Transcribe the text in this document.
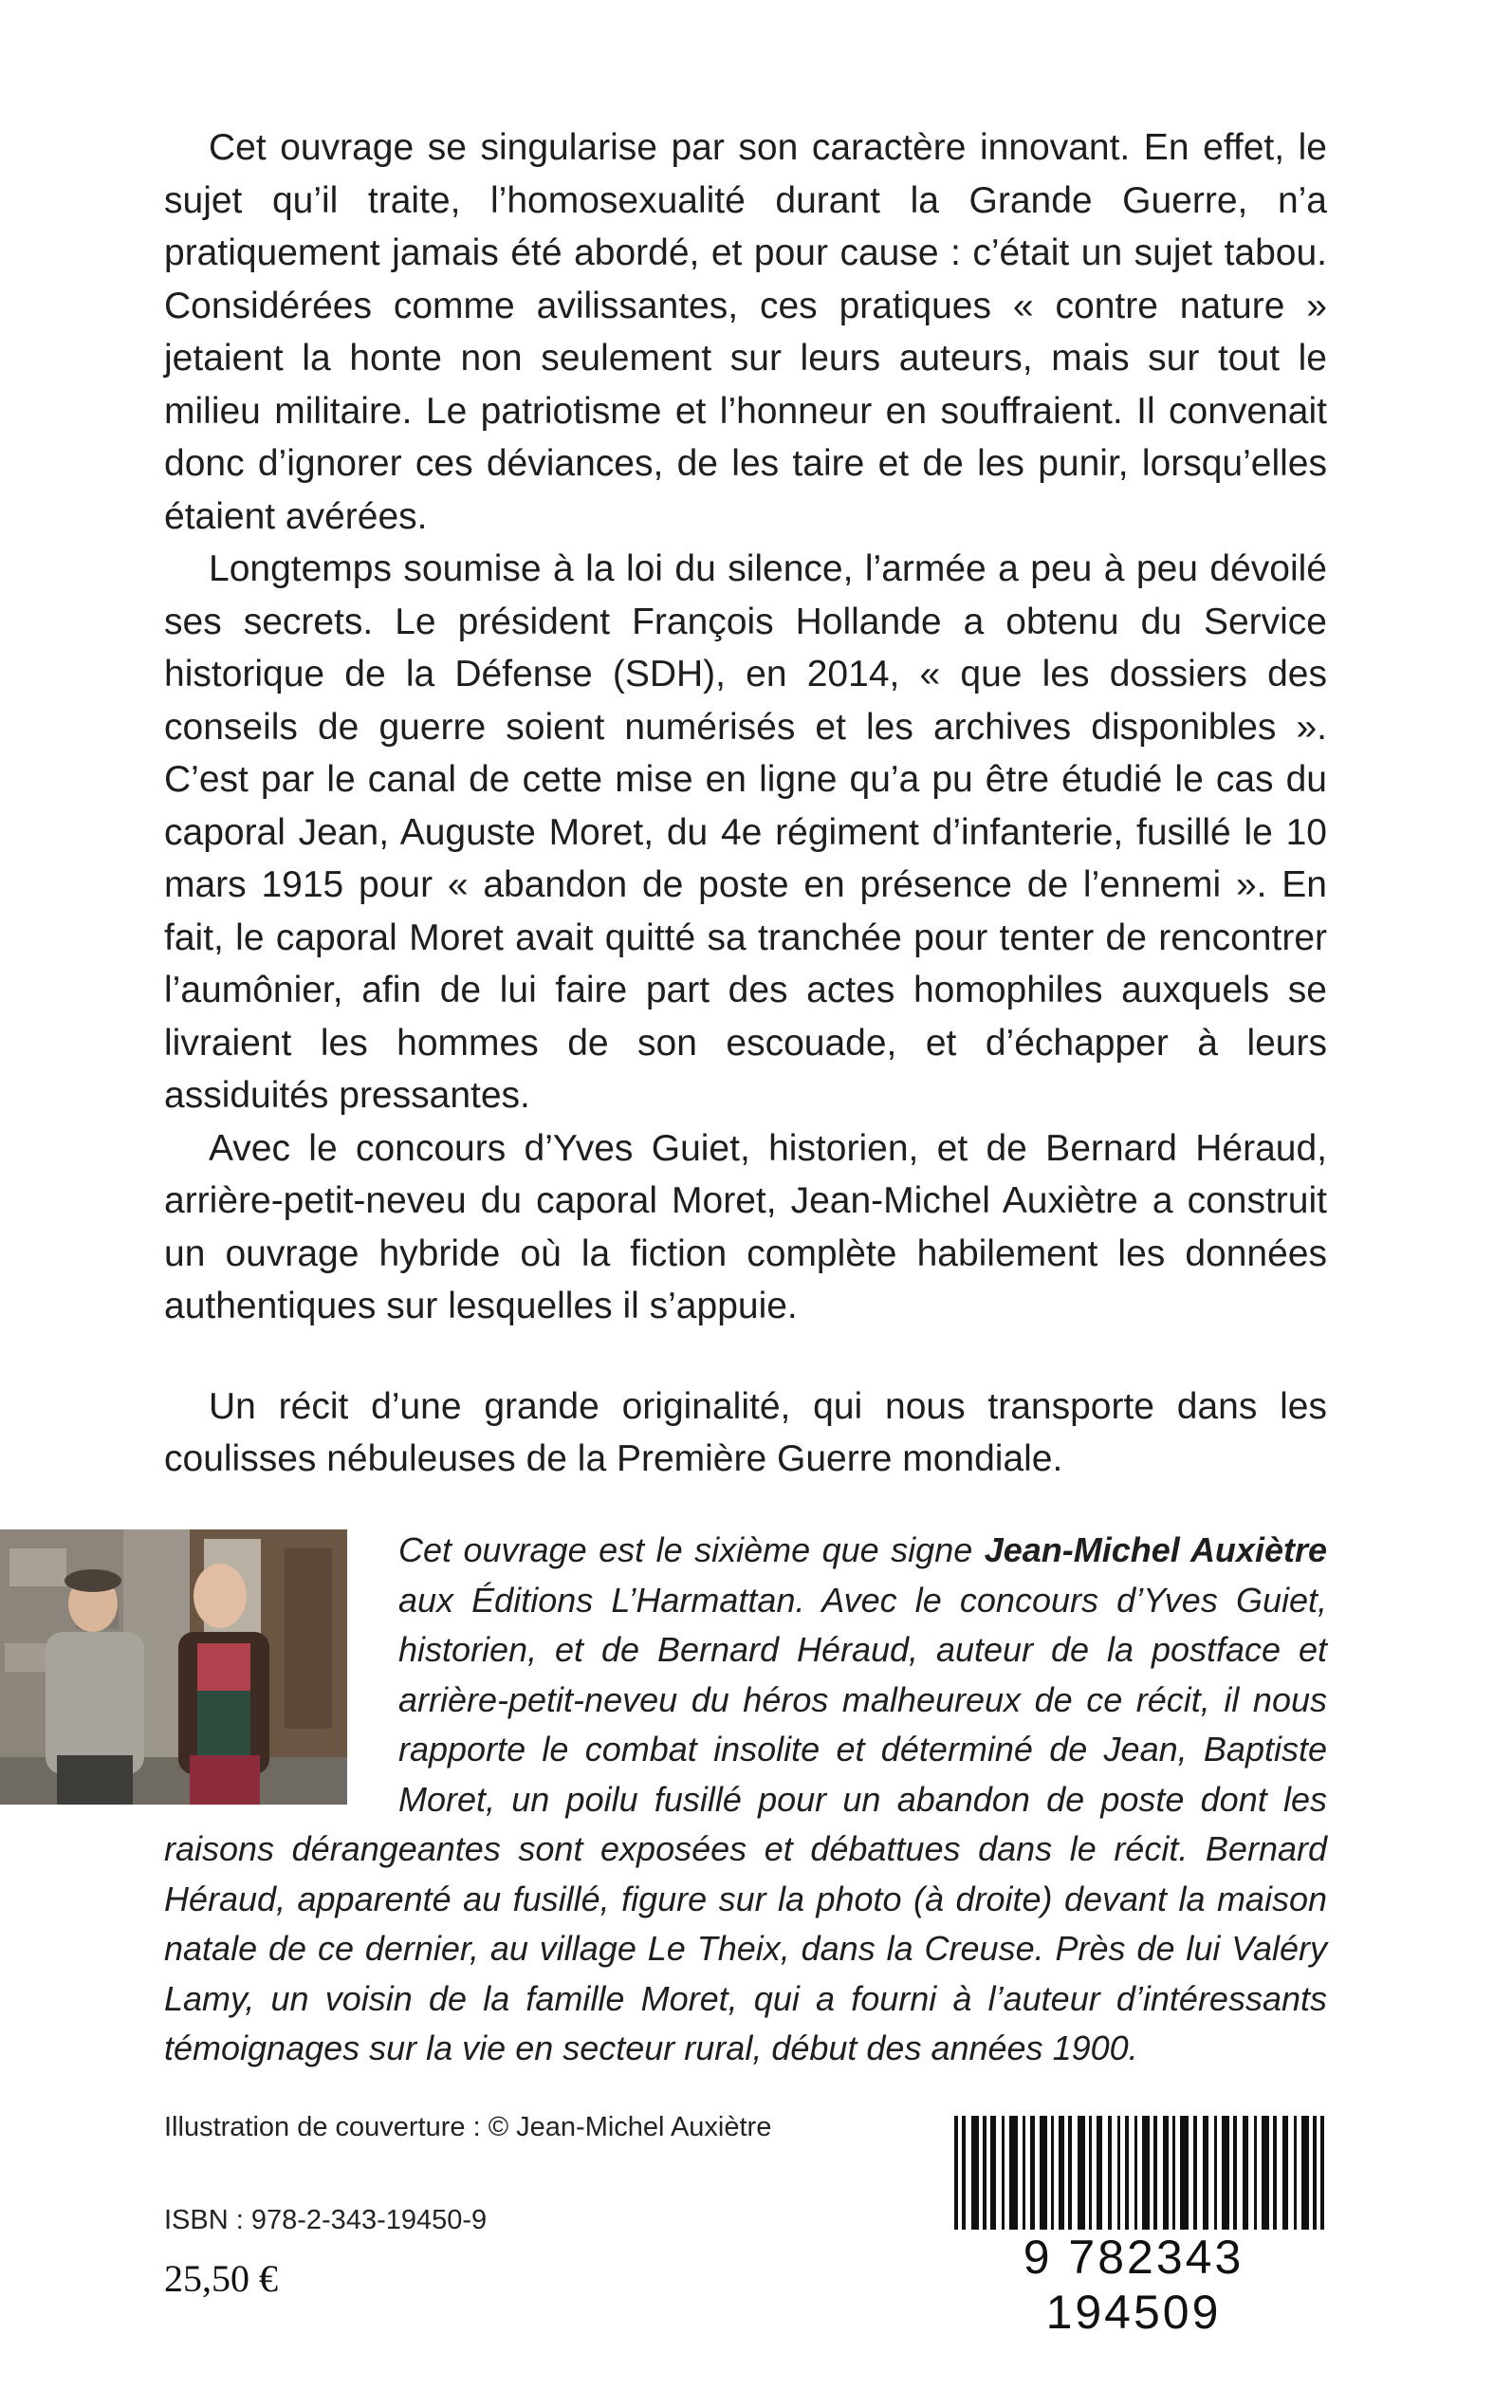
Cet ouvrage se singularise par son caractère innovant. En effet, le sujet qu’il traite, l’homosexualité durant la Grande Guerre, n’a pratiquement jamais été abordé, et pour cause : c’était un sujet tabou. Considérées comme avilissantes, ces pratiques « contre nature » jetaient la honte non seulement sur leurs auteurs, mais sur tout le milieu militaire. Le patriotisme et l’honneur en souffraient. Il convenait donc d’ignorer ces déviances, de les taire et de les punir, lorsqu’elles étaient avérées.

Longtemps soumise à la loi du silence, l’armée a peu à peu dévoilé ses secrets. Le président François Hollande a obtenu du Service historique de la Défense (SDH), en 2014, « que les dossiers des conseils de guerre soient numérisés et les archives disponibles ». C’est par le canal de cette mise en ligne qu’a pu être étudié le cas du caporal Jean, Auguste Moret, du 4e régiment d’infanterie, fusillé le 10 mars 1915 pour « abandon de poste en présence de l’ennemi ». En fait, le caporal Moret avait quitté sa tranchée pour tenter de rencontrer l’aumônier, afin de lui faire part des actes homophiles auxquels se livraient les hommes de son escouade, et d’échapper à leurs assiduités pressantes.

Avec le concours d’Yves Guiet, historien, et de Bernard Héraud, arrière-petit-neveu du caporal Moret, Jean-Michel Auxiètre a construit un ouvrage hybride où la fiction complète habilement les données authentiques sur lesquelles il s’appuie.

Un récit d’une grande originalité, qui nous transporte dans les coulisses nébuleuses de la Première Guerre mondiale.

Cet ouvrage est le sixième que signe Jean-Michel Auxiètre aux Éditions L’Harmattan. Avec le concours d’Yves Guiet, historien, et de Bernard Héraud, auteur de la postface et arrière-petit-neveu du héros malheureux de ce récit, il nous rapporte le combat insolite et déterminé de Jean, Baptiste Moret, un poilu fusillé pour un abandon de poste dont les raisons dérangeantes sont exposées et débattues dans le récit. Bernard Héraud, apparenté au fusillé, figure sur la photo (à droite) devant la maison natale de ce dernier, au village Le Theix, dans la Creuse. Près de lui Valéry Lamy, un voisin de la famille Moret, qui a fourni à l’auteur d’intéressants témoignages sur la vie en secteur rural, début des années 1900.

Illustration de couverture : © Jean-Michel Auxiètre
ISBN : 978-2-343-19450-9
25,50 €	9 782343 194509
